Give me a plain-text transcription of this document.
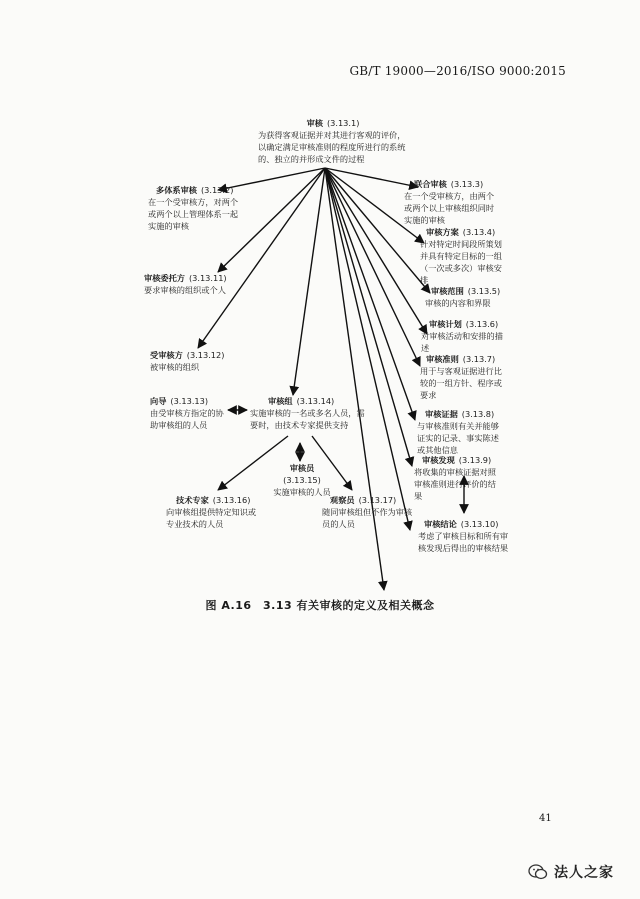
GB/T 19000—2016/ISO 9000:2015
审核 (3.13.1)
为获得客观证据并对其进行客观的评价，以确定满足审核准则的程度所进行的系统的、独立的并形成文件的过程
多体系审核 (3.13.2)
在一个受审核方，对两个或两个以上管理体系一起实施的审核
联合审核 (3.13.3)
在一个受审核方，由两个或两个以上审核组织同时实施的审核
审核方案 (3.13.4)
针对特定时间段所策划并具有特定目标的一组（一次或多次）审核安排
审核范围 (3.13.5)
审核的内容和界限
审核计划 (3.13.6)
对审核活动和安排的描述
审核准则 (3.13.7)
用于与客观证据进行比较的一组方针、程序或要求
审核证据 (3.13.8)
与审核准则有关并能够证实的记录、事实陈述或其他信息
审核发现 (3.13.9)
将收集的审核证据对照审核准则进行评价的结果
审核结论 (3.13.10)
考虑了审核目标和所有审核发现后得出的审核结果
审核委托方 (3.13.11)
要求审核的组织或个人
受审核方 (3.13.12)
被审核的组织
向导 (3.13.13)
由受审核方指定的协助审核组的人员
审核组 (3.13.14)
实施审核的一名或多名人员，需要时，由技术专家提供支持
审核员
(3.13.15)
实施审核的人员
技术专家 (3.13.16)
向审核组提供特定知识或专业技术的人员
观察员 (3.13.17)
随同审核组但不作为审核员的人员
图 A.16　3.13 有关审核的定义及相关概念
41
法人之家
